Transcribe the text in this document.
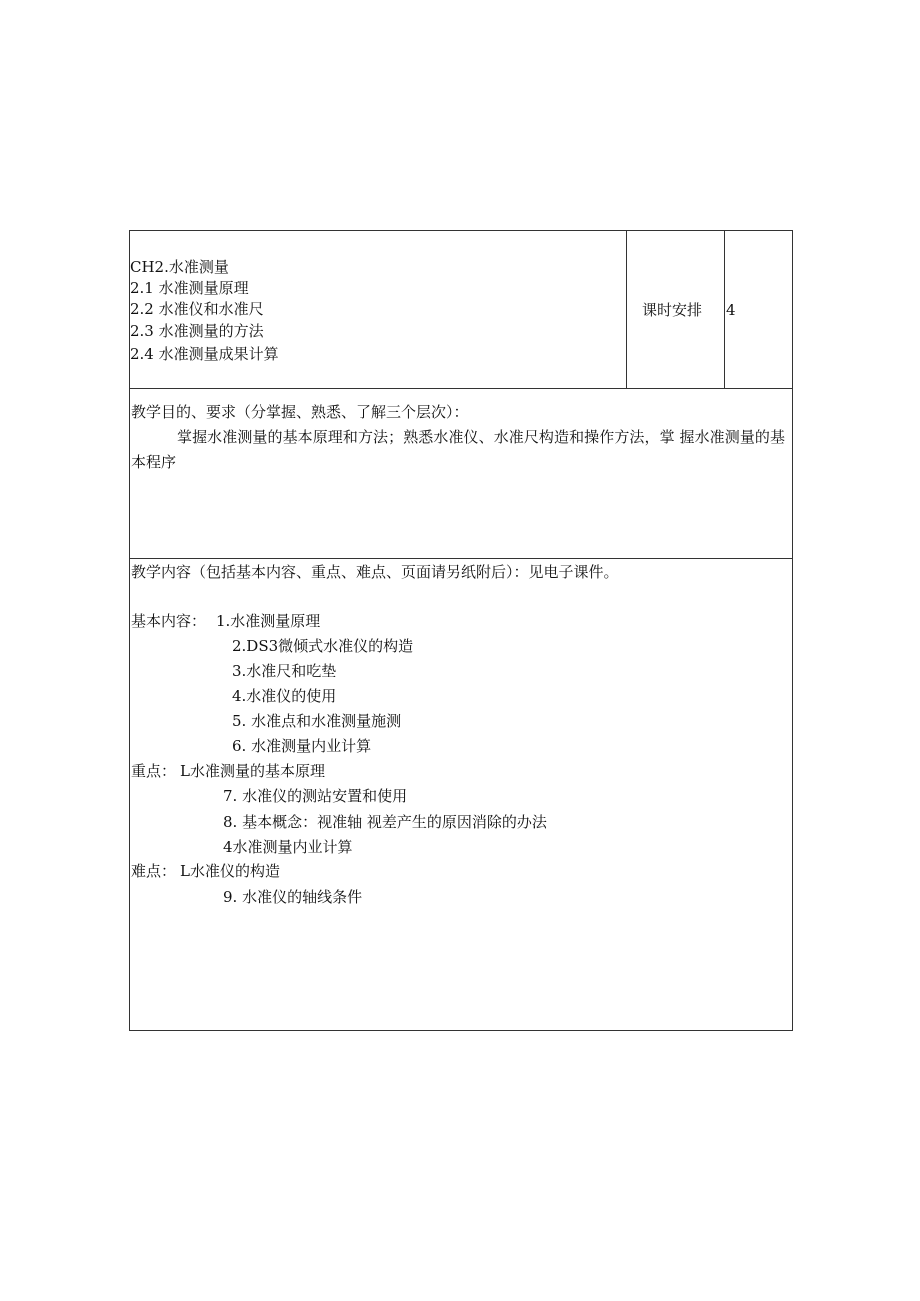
CH2.水准测量
2.1 水准测量原理
2.2 水准仪和水准尺
2.3 水准测量的方法
2.4 水准测量成果计算
课时安排 4
教学目的、要求（分掌握、熟悉、了解三个层次）：
掌握水准测量的基本原理和方法；熟悉水准仪、水准尺构造和操作方法，掌 握水准测量的基本程序
教学内容（包括基本内容、重点、难点、页面请另纸附后）：见电子课件。
基本内容： 1.水准测量原理
2.DS3微倾式水准仪的构造
3.水准尺和吃垫
4.水准仪的使用
5. 水准点和水准测量施测
6. 水准测量内业计算
重点： L水准测量的基本原理
7. 水准仪的测站安置和使用
8. 基本概念：视准轴 视差产生的原因消除的办法
4水准测量内业计算
难点： L水准仪的构造
9. 水准仪的轴线条件
